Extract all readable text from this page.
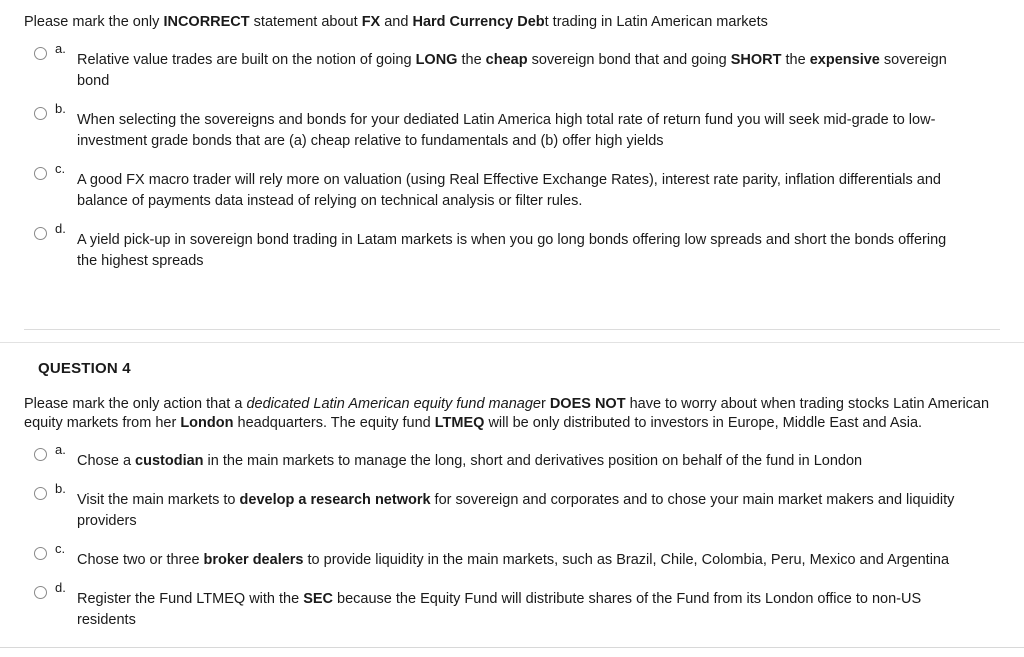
Please mark the only INCORRECT statement about FX and Hard Currency Debt trading in Latin American markets
a.
Relative value trades are built on the notion of going LONG the cheap sovereign bond that and going SHORT the expensive sovereign bond
b.
When selecting the sovereigns and bonds for your dediated Latin America high total rate of return fund you will seek mid-grade to low-investment grade bonds that are (a) cheap relative to fundamentals and (b) offer high yields
c.
A good FX macro trader will rely more on valuation (using Real Effective Exchange Rates), interest rate parity, inflation differentials and balance of payments data instead of relying on technical analysis or filter rules.
d.
A yield pick-up in sovereign bond trading in Latam markets is when you go long bonds offering low spreads and short the bonds offering the highest spreads
QUESTION 4
Please mark the only action that a dedicated Latin American equity fund manager DOES NOT have to worry about when trading stocks Latin American equity markets from her London headquarters. The equity fund LTMEQ will be only distributed to investors in Europe, Middle East and Asia.
a.
Chose a custodian in the main markets to manage the long, short and derivatives position on behalf of the fund in London
b.
Visit the main markets to develop a research network for sovereign and corporates and to chose your main market makers and liquidity providers
c.
Chose two or three broker dealers to provide liquidity in the main markets, such as Brazil, Chile, Colombia, Peru, Mexico and Argentina
d.
Register the Fund LTMEQ with the SEC because the Equity Fund will distribute shares of the Fund from its London office to non-US residents
